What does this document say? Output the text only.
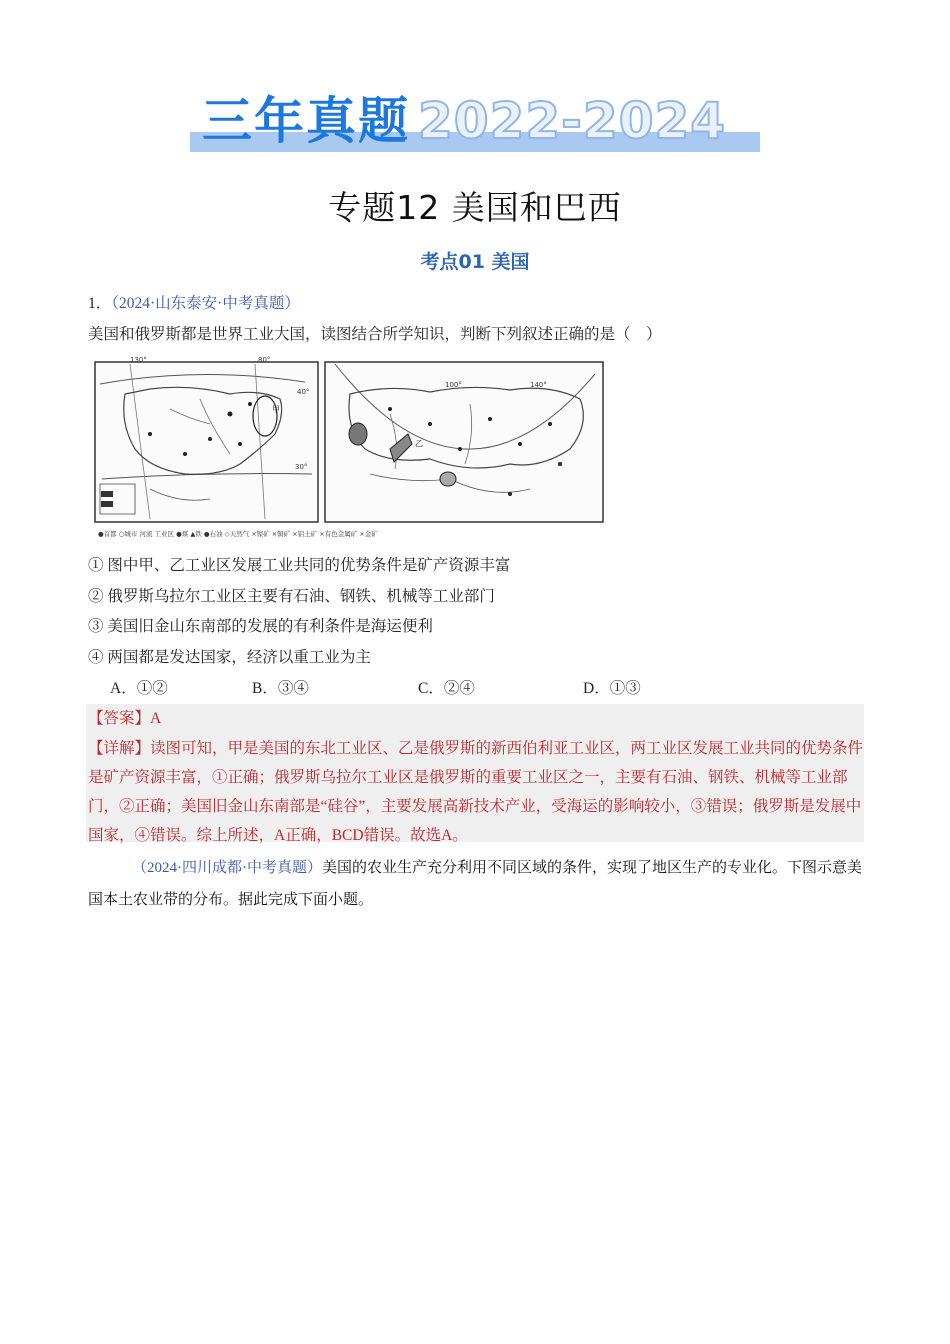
三年真题 2022-2024
专题12 美国和巴西
考点01 美国
1．（2024·山东泰安·中考真题）美国和俄罗斯都是世界工业大国，读图结合所学知识，判断下列叙述正确的是（　）
130°	80°
40°
30°
甲
100°	140°
乙
●首都 ○城市 河流 工业区 ●煤 ▲铁 ●石油 ◇天然气 ×镍矿 ×铜矿 ×铝土矿 ×有色金属矿 ×金矿
① 图中甲、乙工业区发展工业共同的优势条件是矿产资源丰富
② 俄罗斯乌拉尔工业区主要有石油、钢铁、机械等工业部门
③ 美国旧金山东南部的发展的有利条件是海运便利
④ 两国都是发达国家，经济以重工业为主
A．①②	B．③④	C．②④	D．①③
【答案】A
【详解】读图可知，甲是美国的东北工业区、乙是俄罗斯的新西伯利亚工业区，两工业区发展工业共同的优势条件是矿产资源丰富，①正确；俄罗斯乌拉尔工业区是俄罗斯的重要工业区之一，主要有石油、钢铁、机械等工业部门，②正确；美国旧金山东南部是“硅谷”，主要发展高新技术产业，受海运的影响较小，③错误；俄罗斯是发展中国家，④错误。综上所述，A正确，BCD错误。故选A。
（2024·四川成都·中考真题）美国的农业生产充分利用不同区域的条件，实现了地区生产的专业化。下图示意美国本土农业带的分布。据此完成下面小题。
